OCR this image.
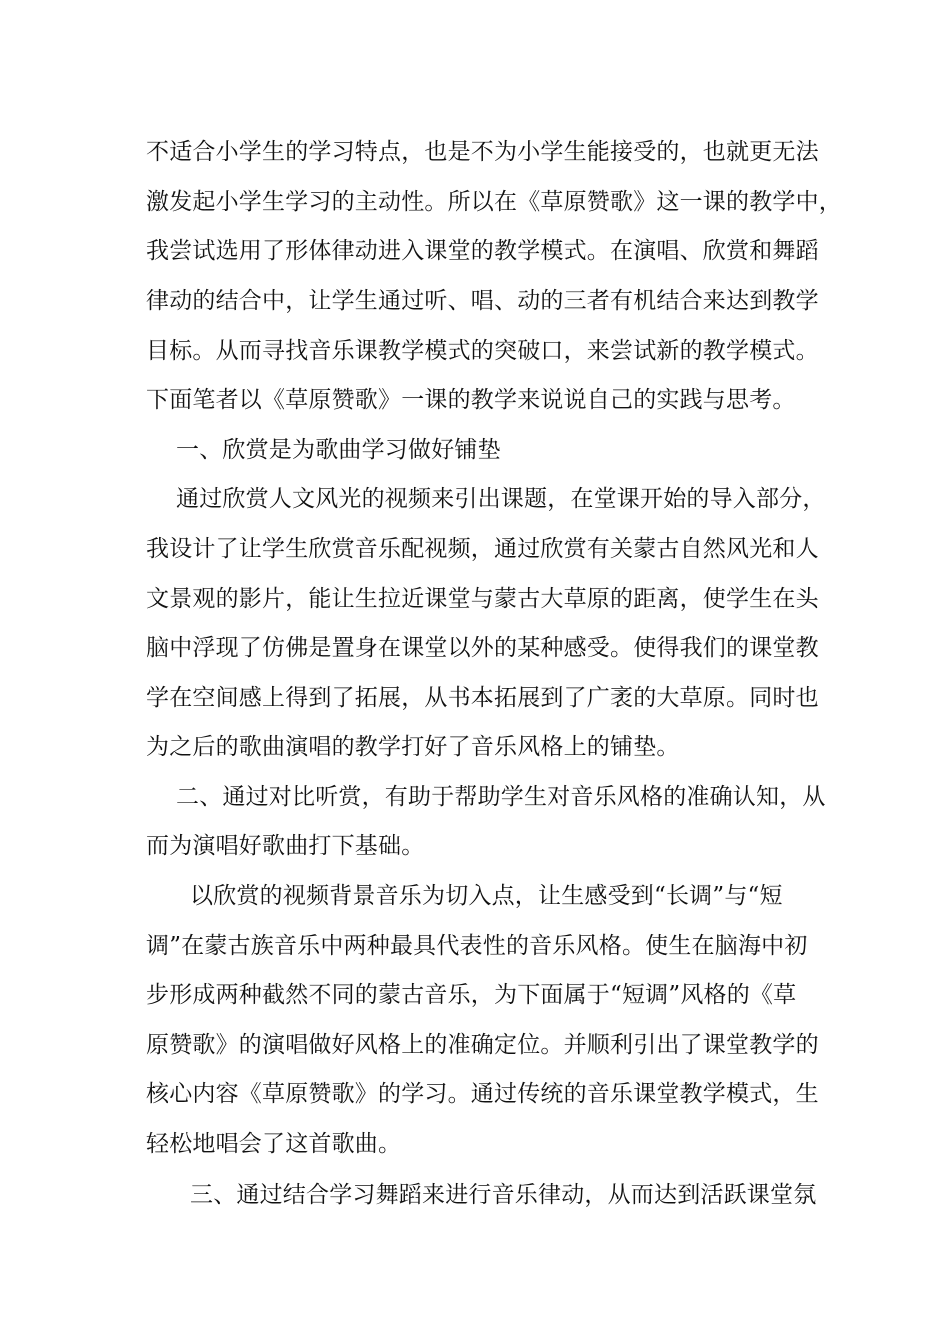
不适合小学生的学习特点，也是不为小学生能接受的，也就更无法
激发起小学生学习的主动性。所以在《草原赞歌》这一课的教学中，
我尝试选用了形体律动进入课堂的教学模式。在演唱、欣赏和舞蹈
律动的结合中，让学生通过听、唱、动的三者有机结合来达到教学
目标。从而寻找音乐课教学模式的突破口，来尝试新的教学模式。
下面笔者以《草原赞歌》一课的教学来说说自己的实践与思考。
一、欣赏是为歌曲学习做好铺垫
通过欣赏人文风光的视频来引出课题，在堂课开始的导入部分，
我设计了让学生欣赏音乐配视频，通过欣赏有关蒙古自然风光和人
文景观的影片，能让生拉近课堂与蒙古大草原的距离，使学生在头
脑中浮现了仿佛是置身在课堂以外的某种感受。使得我们的课堂教
学在空间感上得到了拓展，从书本拓展到了广袤的大草原。同时也
为之后的歌曲演唱的教学打好了音乐风格上的铺垫。
二、通过对比听赏，有助于帮助学生对音乐风格的准确认知，从
而为演唱好歌曲打下基础。
以欣赏的视频背景音乐为切入点，让生感受到“长调”与“短
调”在蒙古族音乐中两种最具代表性的音乐风格。使生在脑海中初
步形成两种截然不同的蒙古音乐，为下面属于“短调”风格的《草
原赞歌》的演唱做好风格上的准确定位。并顺利引出了课堂教学的
核心内容《草原赞歌》的学习。通过传统的音乐课堂教学模式，生
轻松地唱会了这首歌曲。
三、通过结合学习舞蹈来进行音乐律动，从而达到活跃课堂氛
